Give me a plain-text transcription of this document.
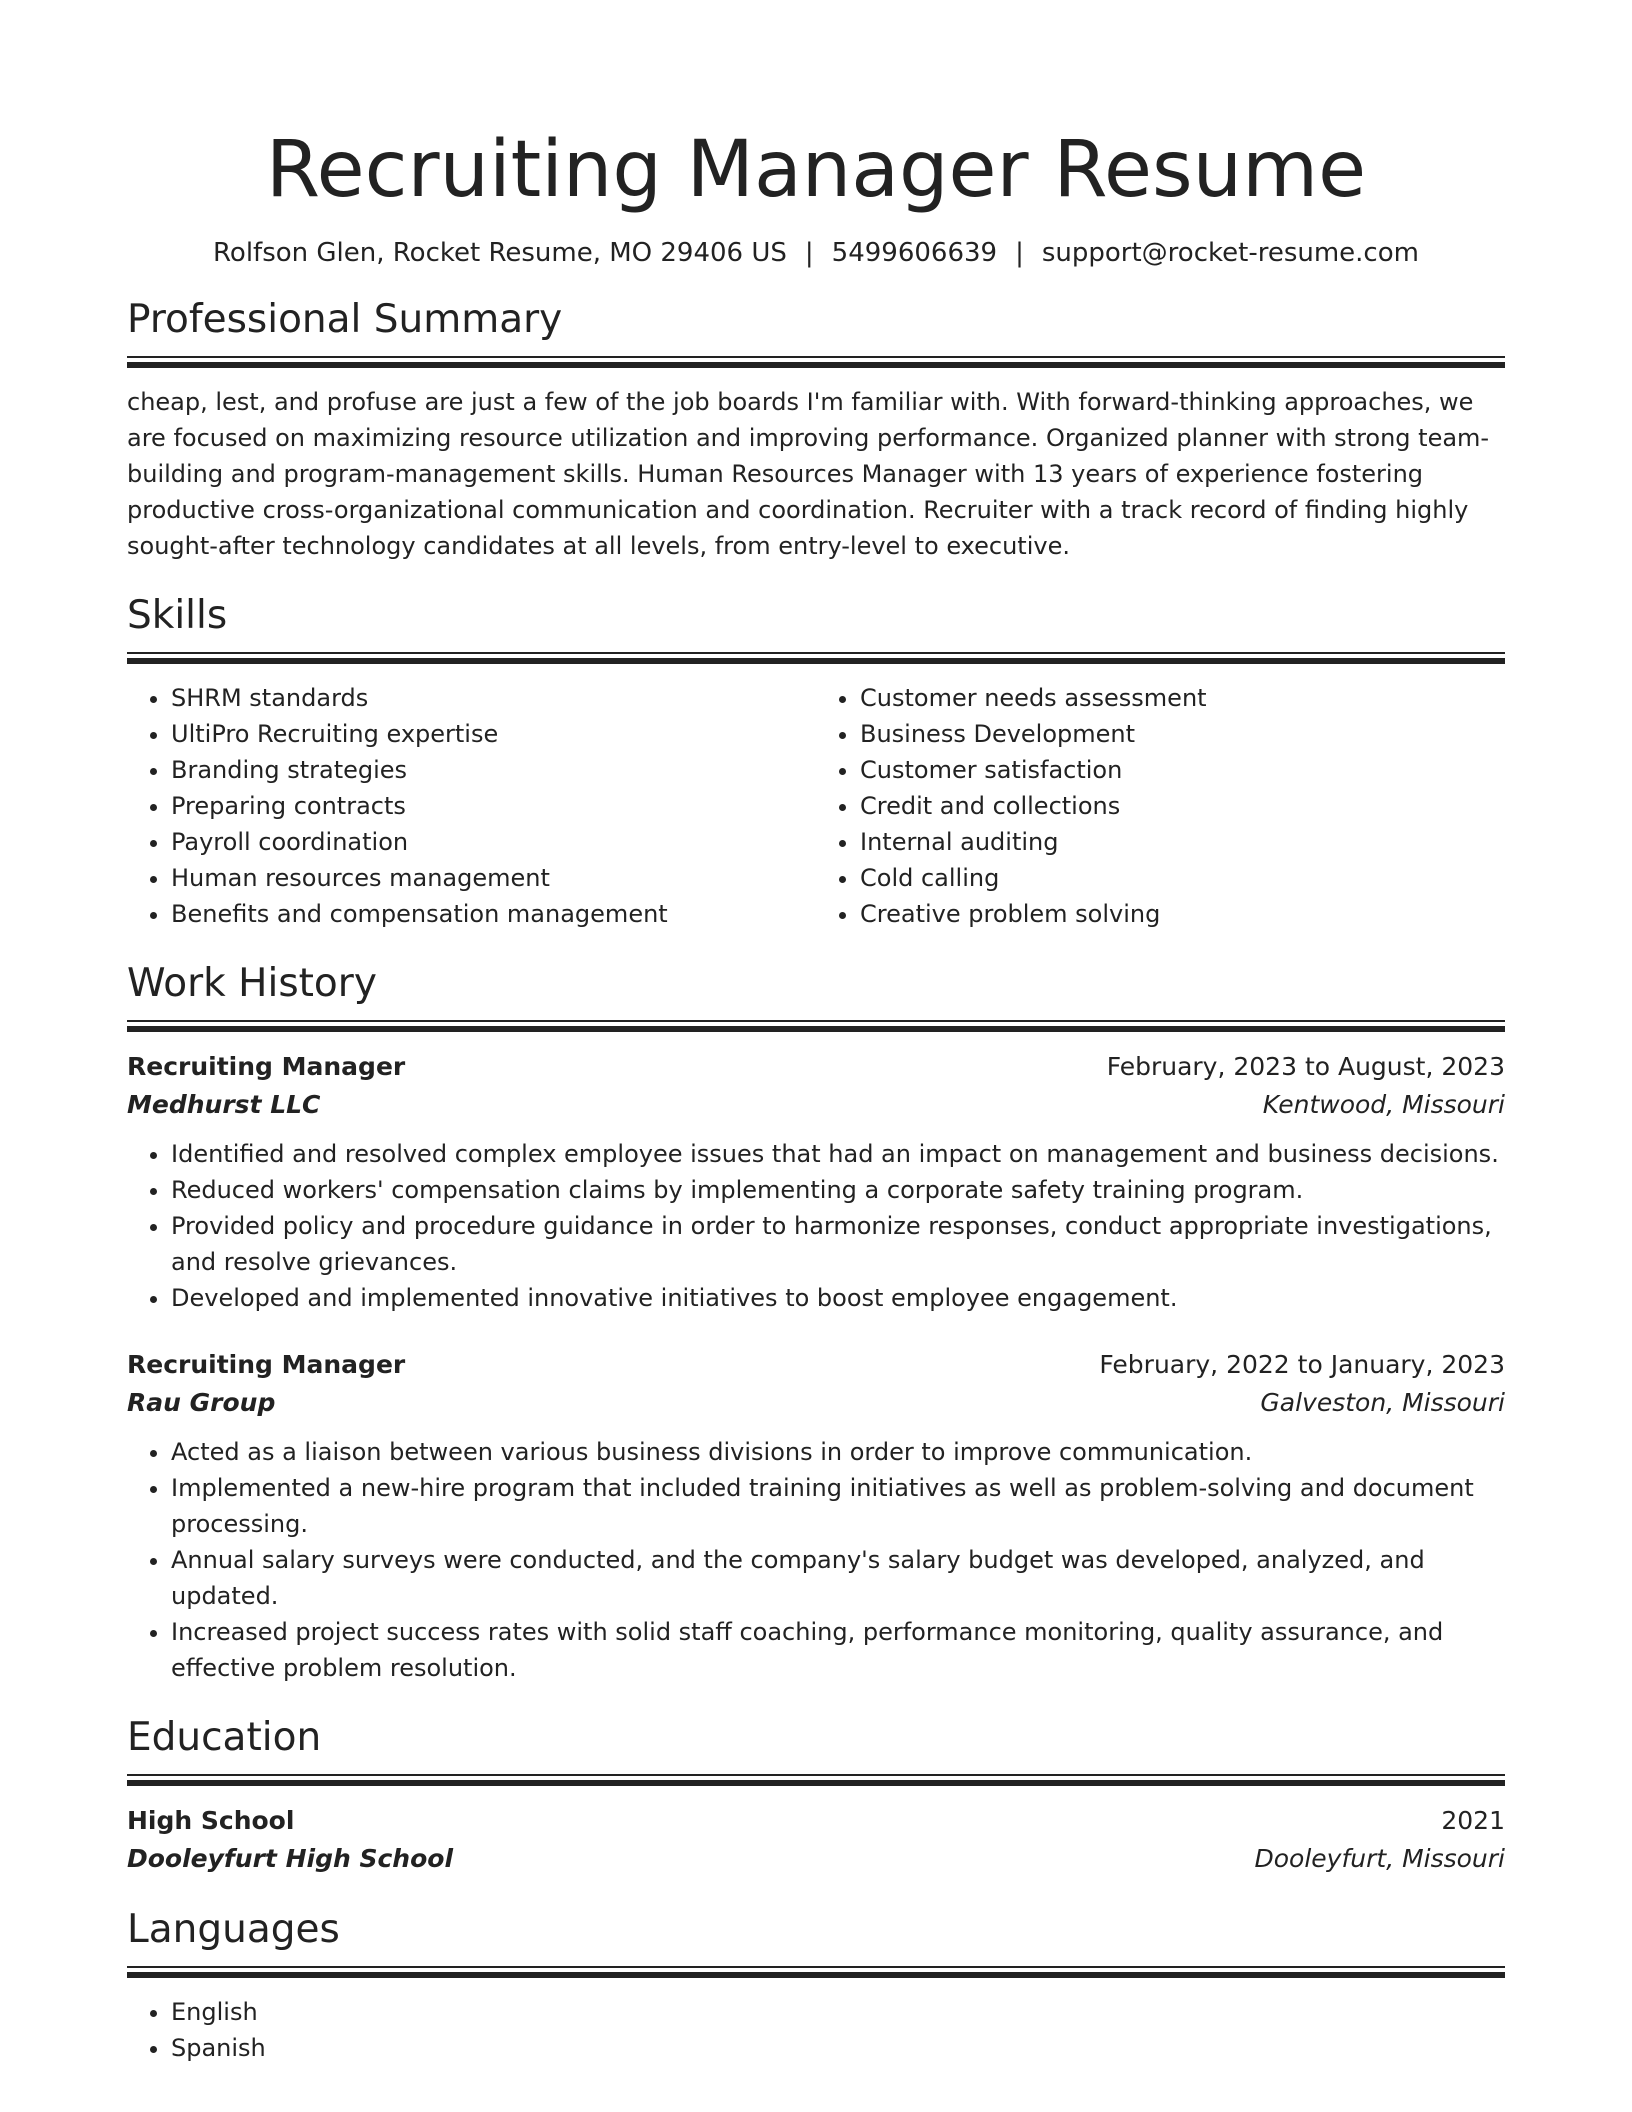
Recruiting Manager Resume
Rolfson Glen, Rocket Resume, MO 29406 US | 5499606639 | support@rocket-resume.com
Professional Summary
cheap, lest, and profuse are just a few of the job boards I'm familiar with. With forward-thinking approaches, we are focused on maximizing resource utilization and improving performance. Organized planner with strong team-building and program-management skills. Human Resources Manager with 13 years of experience fostering productive cross-organizational communication and coordination. Recruiter with a track record of finding highly sought-after technology candidates at all levels, from entry-level to executive.
Skills
• SHRM standards
• UltiPro Recruiting expertise
• Branding strategies
• Preparing contracts
• Payroll coordination
• Human resources management
• Benefits and compensation management
• Customer needs assessment
• Business Development
• Customer satisfaction
• Credit and collections
• Internal auditing
• Cold calling
• Creative problem solving
Work History
Recruiting Manager	February, 2023 to August, 2023
Medhurst LLC	Kentwood, Missouri
• Identified and resolved complex employee issues that had an impact on management and business decisions.
• Reduced workers' compensation claims by implementing a corporate safety training program.
• Provided policy and procedure guidance in order to harmonize responses, conduct appropriate investigations, and resolve grievances.
• Developed and implemented innovative initiatives to boost employee engagement.
Recruiting Manager	February, 2022 to January, 2023
Rau Group	Galveston, Missouri
• Acted as a liaison between various business divisions in order to improve communication.
• Implemented a new-hire program that included training initiatives as well as problem-solving and document processing.
• Annual salary surveys were conducted, and the company's salary budget was developed, analyzed, and updated.
• Increased project success rates with solid staff coaching, performance monitoring, quality assurance, and effective problem resolution.
Education
High School	2021
Dooleyfurt High School	Dooleyfurt, Missouri
Languages
• English
• Spanish
